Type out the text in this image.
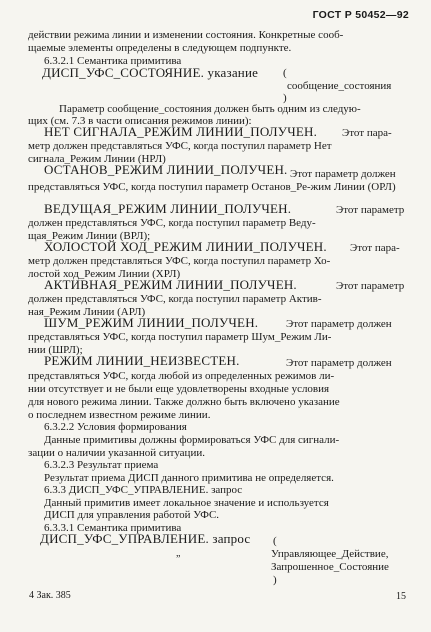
ГОСТ Р 50452—92
действии режима линии и изменении состояния. Конкретные сооб-
щаемые элементы определены в следующем подпункте.
6.3.2.1 Семантика примитива
ДИСП_УФС_СОСТОЯНИЕ. указание (
сообщение_состояния
)
Параметр сообщение_состояния должен быть одним из следую-
щих (см. 7.3 в части описания режимов линии):
НЕТ СИГНАЛА_РЕЖИМ ЛИНИИ_ПОЛУЧЕН. Этот пара-
метр должен представляться УФС, когда поступил параметр Нет
сигнала_Режим Линии (НРЛ)
ОСТАНОВ_РЕЖИМ ЛИНИИ_ПОЛУЧЕН. Этот параметр должен представляться УФС, когда поступил параметр Останов_Ре-жим Линии (ОРЛ)
ВЕДУЩАЯ_РЕЖИМ ЛИНИИ_ПОЛУЧЕН.	Этот параметр
должен представляться УФС, когда поступил параметр Веду-
щая_Режим Линии (ВРЛ);
ХОЛОСТОЙ ХОД_РЕЖИМ ЛИНИИ_ПОЛУЧЕН. Этот пара-
метр должен представляться УФС, когда поступил параметр Хо-
лостой ход_Режим Линии (ХРЛ)
АКТИВНАЯ_РЕЖИМ ЛИНИИ_ПОЛУЧЕН.	Этот параметр
должен представляться УФС, когда поступил параметр Актив-
ная_Режим Линии (АРЛ)
ШУМ_РЕЖИМ ЛИНИИ_ПОЛУЧЕН.	Этот параметр должен
представляться УФС, когда поступил параметр Шум_Режим Ли-
нии (ШРЛ);
РЕЖИМ ЛИНИИ_НЕИЗВЕСТЕН.	Этот параметр должен
представляться УФС, когда любой из определенных режимов ли-
нии отсутствует и не были еще удовлетворены входные условия
для нового режима линии. Также должно быть включено указание
о последнем известном режиме линии.
6.3.2.2 Условия формирования
Данные примитивы должны формироваться УФС для сигнали-
зации о наличии указанной ситуации.
6.3.2.3 Результат приема
Результат приема ДИСП данного примитива не определяется.
6.3.3 ДИСП_УФС_УПРАВЛЕНИЕ. запрос
Данный примитив имеет локальное значение и используется
ДИСП для управления работой УФС.
6.3.3.1 Семантика примитива
ДИСП_УФС_УПРАВЛЕНИЕ. запрос (
Управляющее_Действие,
Запрошенное_Состояние
)
4 Зак. 385
”
15
